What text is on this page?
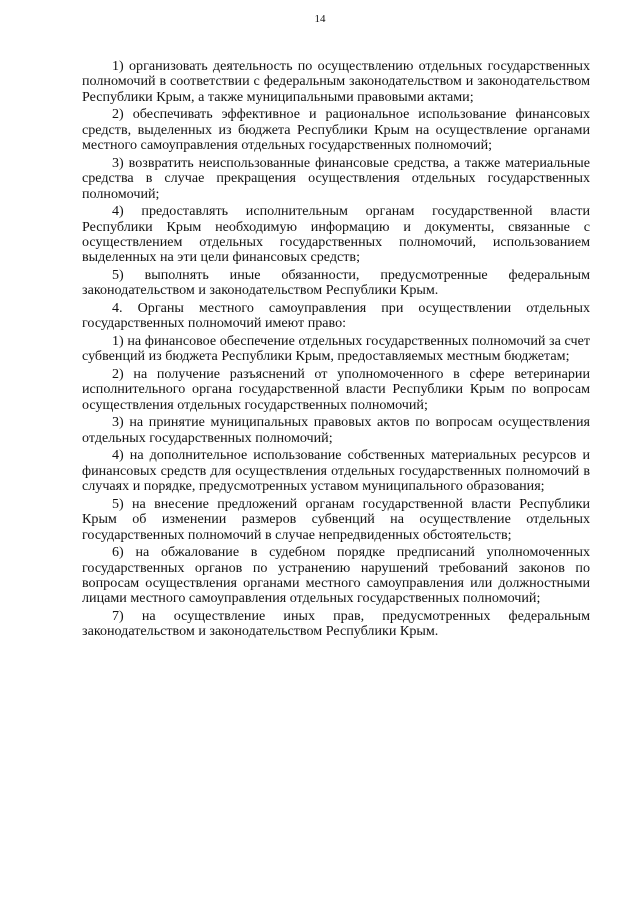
14

1) организовать деятельность по осуществлению отдельных государственных полномочий в соответствии с федеральным законодательством и законодательством Республики Крым, а также муниципальными правовыми актами;

2) обеспечивать эффективное и рациональное использование финансовых средств, выделенных из бюджета Республики Крым на осуществление органами местного самоуправления отдельных государственных полномочий;

3) возвратить неиспользованные финансовые средства, а также материальные средства в случае прекращения осуществления отдельных государственных полномочий;

4) предоставлять исполнительным органам государственной власти Республики Крым необходимую информацию и документы, связанные с осуществлением отдельных государственных полномочий, использованием выделенных на эти цели финансовых средств;

5) выполнять иные обязанности, предусмотренные федеральным законодательством и законодательством Республики Крым.

4. Органы местного самоуправления при осуществлении отдельных государственных полномочий имеют право:

1) на финансовое обеспечение отдельных государственных полномочий за счет субвенций из бюджета Республики Крым, предоставляемых местным бюджетам;

2) на получение разъяснений от уполномоченного в сфере ветеринарии исполнительного органа государственной власти Республики Крым по вопросам осуществления отдельных государственных полномочий;

3) на принятие муниципальных правовых актов по вопросам осуществления отдельных государственных полномочий;

4) на дополнительное использование собственных материальных ресурсов и финансовых средств для осуществления отдельных государственных полномочий в случаях и порядке, предусмотренных уставом муниципального образования;

5) на внесение предложений органам государственной власти Республики Крым об изменении размеров субвенций на осуществление отдельных государственных полномочий в случае непредвиденных обстоятельств;

6) на обжалование в судебном порядке предписаний уполномоченных государственных органов по устранению нарушений требований законов по вопросам осуществления органами местного самоуправления или должностными лицами местного самоуправления отдельных государственных полномочий;

7) на осуществление иных прав, предусмотренных федеральным законодательством и законодательством Республики Крым.
